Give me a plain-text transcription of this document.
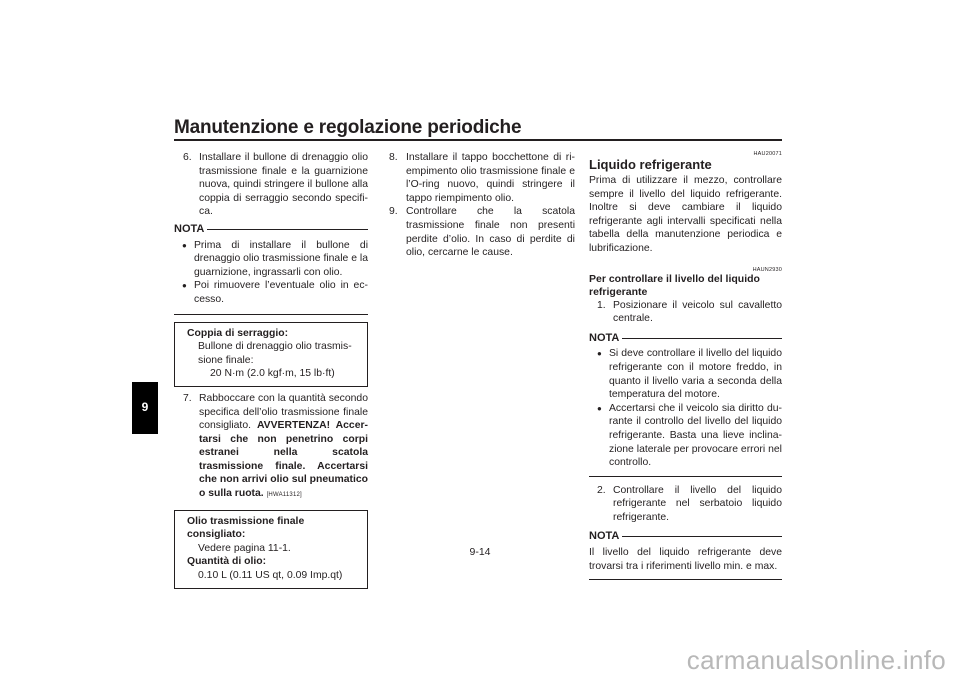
Manutenzione e regolazione periodiche
9
6. Installare il bullone di drenaggio olio trasmissione finale e la guarnizione nuova, quindi stringere il bullone alla coppia di serraggio secondo specifica.
NOTA
● Prima di installare il bullone di drenaggio olio trasmissione finale e la guarnizione, ingrassarli con olio.
● Poi rimuovere l’eventuale olio in eccesso.
Coppia di serraggio:
Bullone di drenaggio olio trasmissione finale:
20 N·m (2.0 kgf·m, 15 lb·ft)
7. Rabboccare con la quantità secondo specifica dell’olio trasmissione finale consigliato. AVVERTENZA! Accertarsi che non penetrino corpi estranei nella scatola trasmissione finale. Accertarsi che non arrivi olio sul pneumatico o sulla ruota. [HWA11312]
Olio trasmissione finale consigliato:
Vedere pagina 11-1.
Quantità di olio:
0.10 L (0.11 US qt, 0.09 Imp.qt)
8. Installare il tappo bocchettone di riempimento olio trasmissione finale e l’O-ring nuovo, quindi stringere il tappo riempimento olio.
9. Controllare che la scatola trasmissione finale non presenti perdite d’olio. In caso di perdite di olio, cercarne le cause.
HAU20071
Liquido refrigerante

Prima di utilizzare il mezzo, controllare sempre il livello del liquido refrigerante. Inoltre si deve cambiare il liquido refrigerante agli intervalli specificati nella tabella della manutenzione periodica e lubrificazione.

HAUN2930
Per controllare il livello del liquido refrigerante
1. Posizionare il veicolo sul cavalletto centrale.
NOTA
● Si deve controllare il livello del liquido refrigerante con il motore freddo, in quanto il livello varia a seconda della temperatura del motore.
● Accertarsi che il veicolo sia diritto durante il controllo del livello del liquido refrigerante. Basta una lieve inclinazione laterale per provocare errori nel controllo.
2. Controllare il livello del liquido refrigerante nel serbatoio liquido refrigerante.
NOTA

Il livello del liquido refrigerante deve trovarsi tra i riferimenti livello min. e max.

9-14
carmanualsonline.info
